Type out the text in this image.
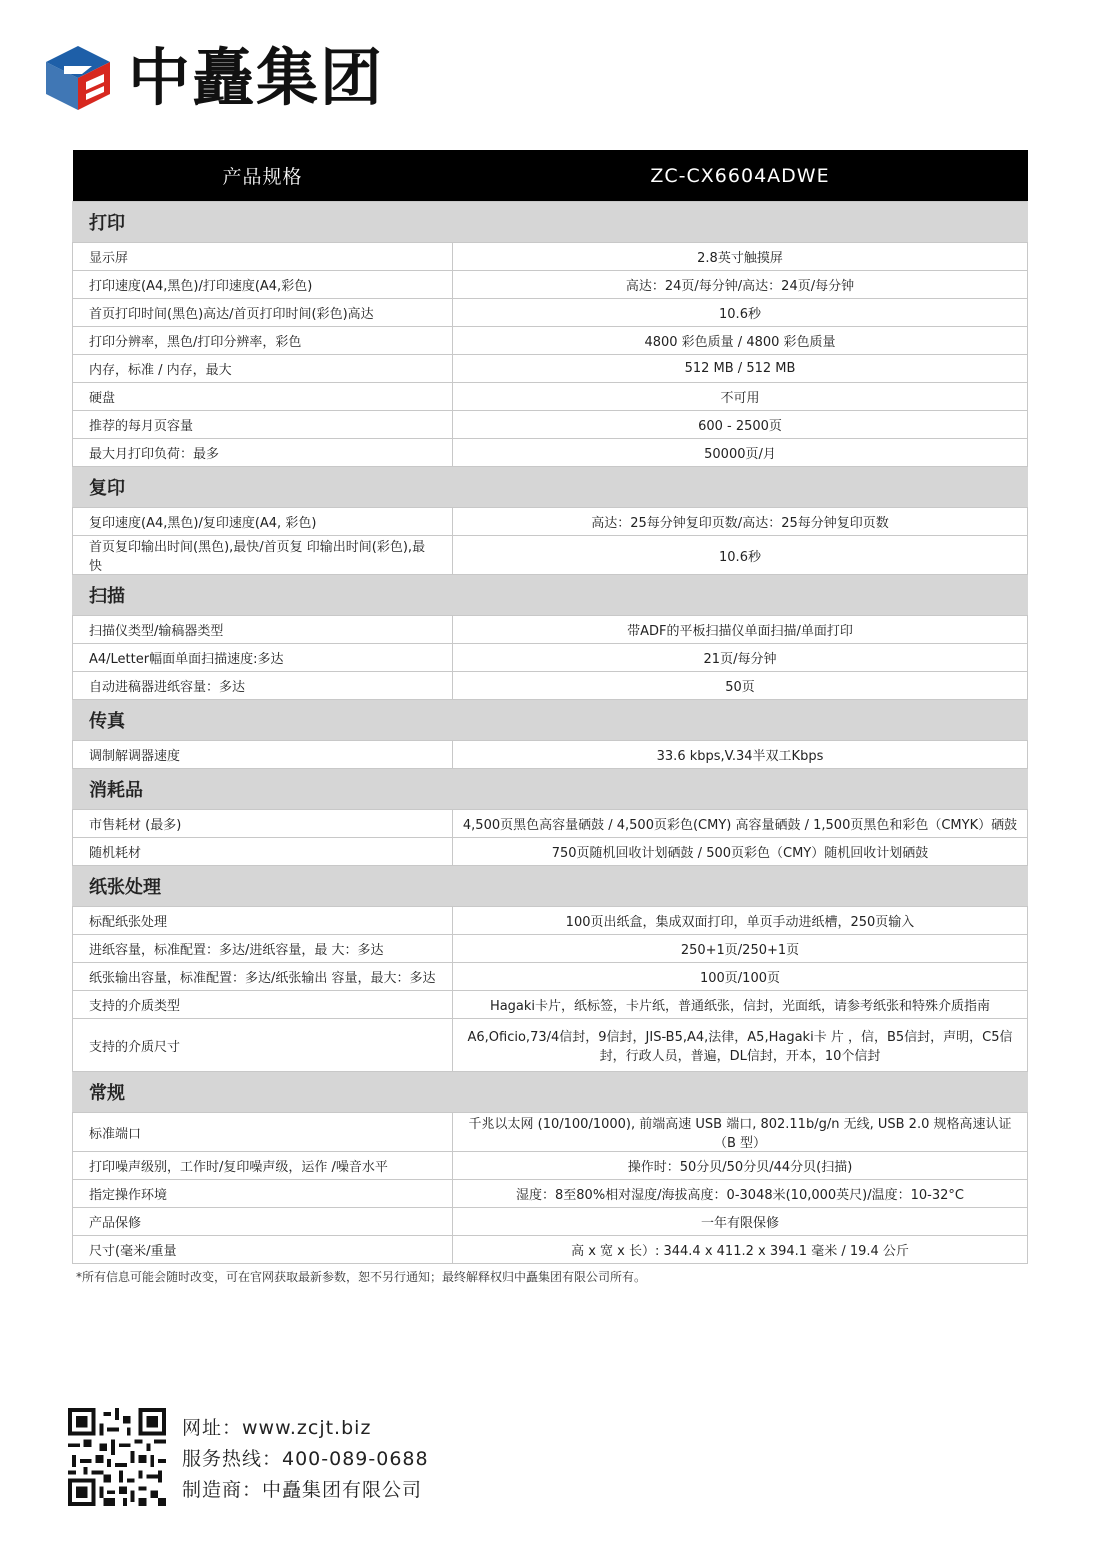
中矗集团
产品规格	ZC-CX6604ADWE
打印	
显示屏	2.8英寸触摸屏
打印速度(A4,黑色)/打印速度(A4,彩色)	高达：24页/每分钟/高达：24页/每分钟
首页打印时间(黑色)高达/首页打印时间(彩色)高达	10.6秒
打印分辨率，黑色/打印分辨率，彩色	4800 彩色质量 / 4800 彩色质量
内存，标准 / 内存，最大	512 MB / 512 MB
硬盘	不可用
推荐的每月页容量	600 - 2500页
最大月打印负荷：最多	50000页/月
复印	
复印速度(A4,黑色)/复印速度(A4, 彩色)	高达：25每分钟复印页数/高达：25每分钟复印页数
首页复印输出时间(黑色),最快/首页复 印输出时间(彩色),最快	10.6秒
扫描	
扫描仪类型/输稿器类型	带ADF的平板扫描仪单面扫描/单面打印
A4/Letter幅面单面扫描速度:多达	21页/每分钟
自动进稿器进纸容量：多达	50页
传真	
调制解调器速度	33.6 kbps,V.34半双工Kbps
消耗品	
市售耗材 (最多)	4,500页黑色高容量硒鼓 / 4,500页彩色(CMY) 高容量硒鼓 / 1,500页黑色和彩色（CMYK）硒鼓
随机耗材	750页随机回收计划硒鼓 / 500页彩色（CMY）随机回收计划硒鼓
纸张处理	
标配纸张处理	100页出纸盒，集成双面打印，单页手动进纸槽，250页输入
进纸容量，标准配置：多达/进纸容量，最 大：多达	250+1页/250+1页
纸张输出容量，标准配置：多达/纸张输出 容量，最大：多达	100页/100页
支持的介质类型	Hagaki卡片，纸标签，卡片纸，普通纸张，信封，光面纸，请参考纸张和特殊介质指南
支持的介质尺寸	A6,Oficio,73/4信封，9信封，JIS-B5,A4,法律，A5,Hagaki卡 片 ，信，B5信封，声明，C5信封，行政人员，普遍，DL信封，开本，10个信封
常规	
标准端口	千兆以太网 (10/100/1000), 前端高速 USB 端口, 802.11b/g/n 无线, USB 2.0 规格高速认证（B 型）
打印噪声级别，工作时/复印噪声级，运作 /噪音水平	操作时：50分贝/50分贝/44分贝(扫描)
指定操作环境	湿度：8至80%相对湿度/海拔高度：0-3048米(10,000英尺)/温度：10-32°C
产品保修	一年有限保修
尺寸(毫米/重量	高 x 宽 x 长）: 344.4 x 411.2 x 394.1 毫米 / 19.4 公斤
*所有信息可能会随时改变，可在官网获取最新参数，恕不另行通知；最终解释权归中矗集团有限公司所有。
网址：www.zcjt.biz
服务热线：400-089-0688
制造商：中矗集团有限公司
